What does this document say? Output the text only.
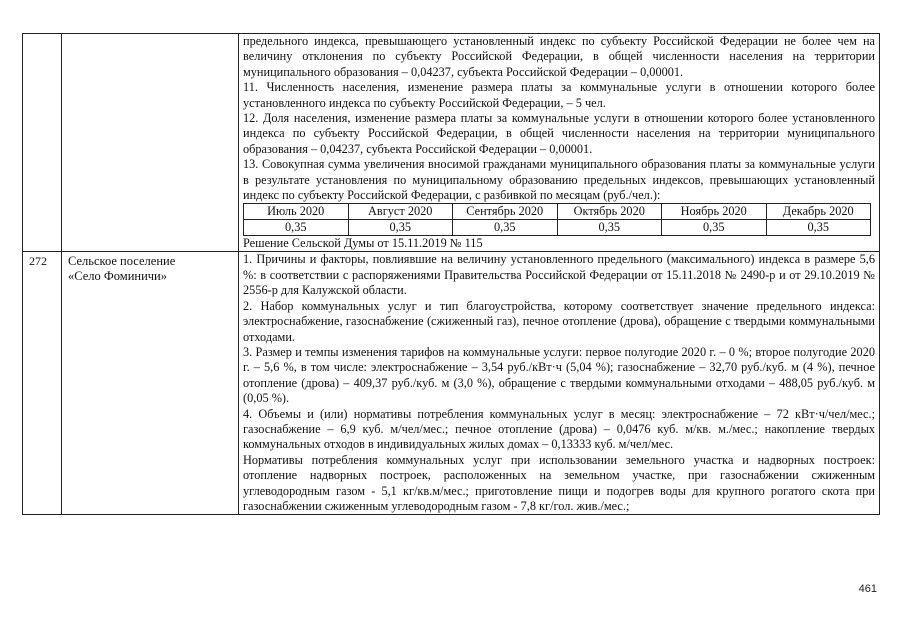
предельного индекса, превышающего установленный индекс по субъекту Российской Федерации не более чем на величину отклонения по субъекту Российской Федерации, в общей численности населения на территории муниципального образования – 0,04237, субъекта Российской Федерации – 0,00001.

11. Численность населения, изменение размера платы за коммунальные услуги в отношении которого более установленного индекса по субъекту Российской Федерации, – 5 чел.

12. Доля населения, изменение размера платы за коммунальные услуги в отношении которого более установленного индекса по субъекту Российской Федерации, в общей численности населения на территории муниципального образования – 0,04237, субъекта Российской Федерации – 0,00001.

13. Совокупная сумма увеличения вносимой гражданами муниципального образования платы за коммунальные услуги в результате установления по муниципальному образованию предельных индексов, превышающих установленный индекс по субъекту Российской Федерации, с разбивкой по месяцам (руб./чел.):

Июль 2020	Август 2020	Сентябрь 2020	Октябрь 2020	Ноябрь 2020	Декабрь 2020
0,35	0,35	0,35	0,35	0,35	0,35
Решение Сельской Думы от 15.11.2019 № 115

272	Сельское поселение
«Село Фоминичи»

1. Причины и факторы, повлиявшие на величину установленного предельного (максимального) индекса в размере 5,6 %: в соответствии с распоряжениями Правительства Российской Федерации от 15.11.2018 № 2490-р и от 29.10.2019 № 2556-р для Калужской области.

2. Набор коммунальных услуг и тип благоустройства, которому соответствует значение предельного индекса: электроснабжение, газоснабжение (сжиженный газ), печное отопление (дрова), обращение с твердыми коммунальными отходами.

3. Размер и темпы изменения тарифов на коммунальные услуги: первое полугодие 2020 г. – 0 %; второе полугодие 2020 г. – 5,6 %, в том числе: электроснабжение – 3,54 руб./кВт·ч (5,04 %); газоснабжение – 32,70 руб./куб. м (4 %), печное отопление (дрова) – 409,37 руб./куб. м (3,0 %), обращение с твердыми коммунальными отходами – 488,05 руб./куб. м (0,05 %).

4. Объемы и (или) нормативы потребления коммунальных услуг в месяц: электроснабжение – 72 кВт·ч/чел/мес.; газоснабжение – 6,9 куб. м/чел/мес.; печное отопление (дрова) – 0,0476 куб. м/кв. м./мес.; накопление твердых коммунальных отходов в индивидуальных жилых домах – 0,13333 куб. м/чел/мес.

Нормативы потребления коммунальных услуг при использовании земельного участка и надворных построек: отопление надворных построек, расположенных на земельном участке, при газоснабжении сжиженным углеводородным газом - 5,1 кг/кв.м/мес.; приготовление пищи и подогрев воды для крупного рогатого скота при газоснабжении сжиженным углеводородным газом - 7,8 кг/гол. жив./мес.;

461
